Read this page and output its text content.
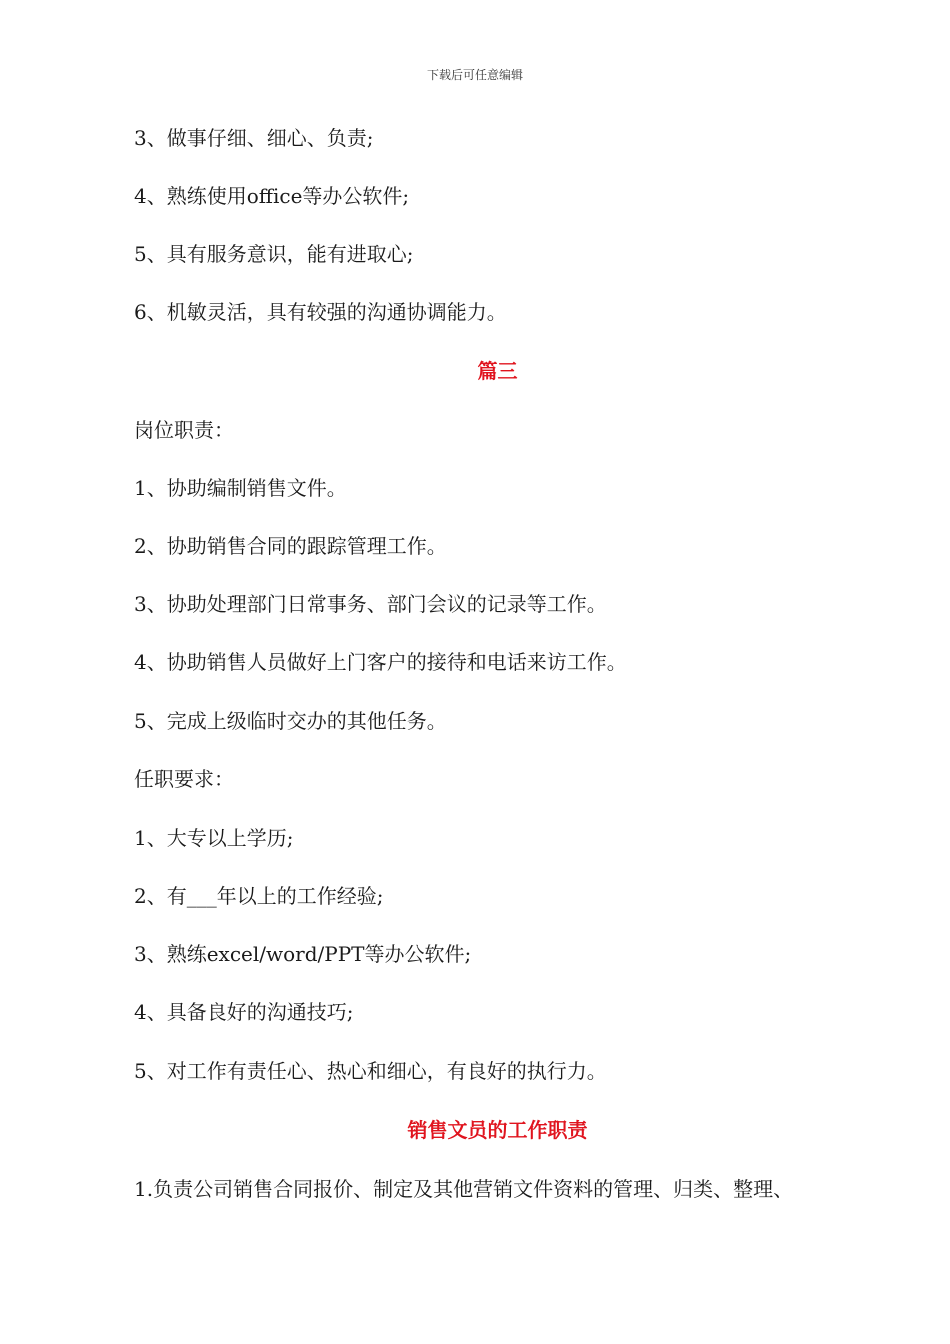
下载后可任意编辑
3、做事仔细、细心、负责;
4、熟练使用office等办公软件;
5、具有服务意识，能有进取心;
6、机敏灵活，具有较强的沟通协调能力。
篇三
岗位职责：
1、协助编制销售文件。
2、协助销售合同的跟踪管理工作。
3、协助处理部门日常事务、部门会议的记录等工作。
4、协助销售人员做好上门客户的接待和电话来访工作。
5、完成上级临时交办的其他任务。
任职要求：
1、大专以上学历;
2、有___年以上的工作经验;
3、熟练excel/word/PPT等办公软件;
4、具备良好的沟通技巧;
5、对工作有责任心、热心和细心，有良好的执行力。
销售文员的工作职责
1.负责公司销售合同报价、制定及其他营销文件资料的管理、归类、整理、
